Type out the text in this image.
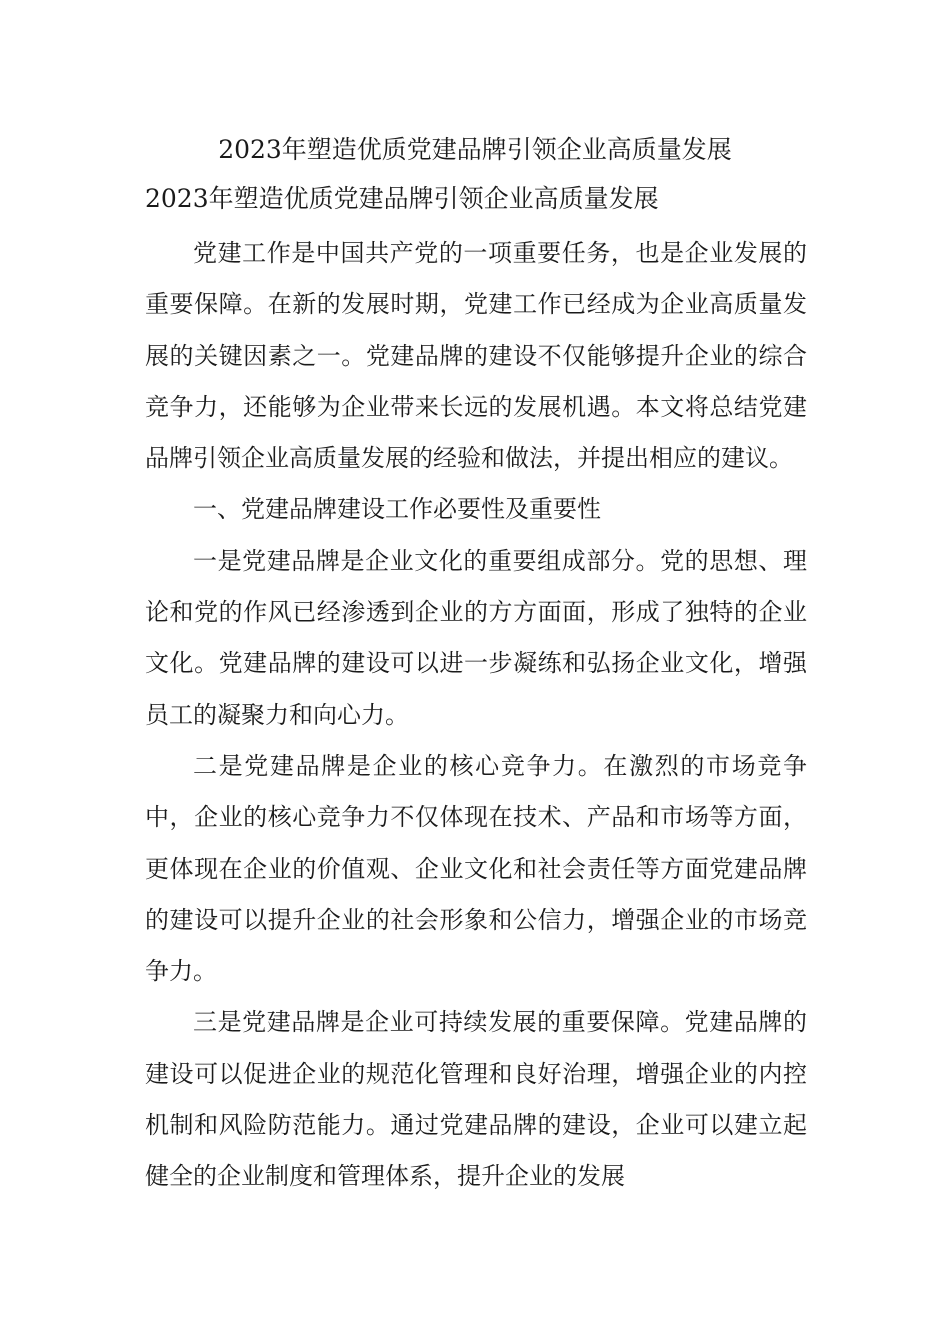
2023年塑造优质党建品牌引领企业高质量发展
2023年塑造优质党建品牌引领企业高质量发展

党建工作是中国共产党的一项重要任务，也是企业发展的重要保障。在新的发展时期，党建工作已经成为企业高质量发展的关键因素之一。党建品牌的建设不仅能够提升企业的综合竞争力，还能够为企业带来长远的发展机遇。本文将总结党建品牌引领企业高质量发展的经验和做法，并提出相应的建议。

一、党建品牌建设工作必要性及重要性

一是党建品牌是企业文化的重要组成部分。党的思想、理论和党的作风已经渗透到企业的方方面面，形成了独特的企业文化。党建品牌的建设可以进一步凝练和弘扬企业文化，增强员工的凝聚力和向心力。

二是党建品牌是企业的核心竞争力。在激烈的市场竞争中，企业的核心竞争力不仅体现在技术、产品和市场等方面，更体现在企业的价值观、企业文化和社会责任等方面党建品牌的建设可以提升企业的社会形象和公信力，增强企业的市场竞争力。

三是党建品牌是企业可持续发展的重要保障。党建品牌的建设可以促进企业的规范化管理和良好治理，增强企业的内控机制和风险防范能力。通过党建品牌的建设，企业可以建立起健全的企业制度和管理体系，提升企业的发展
